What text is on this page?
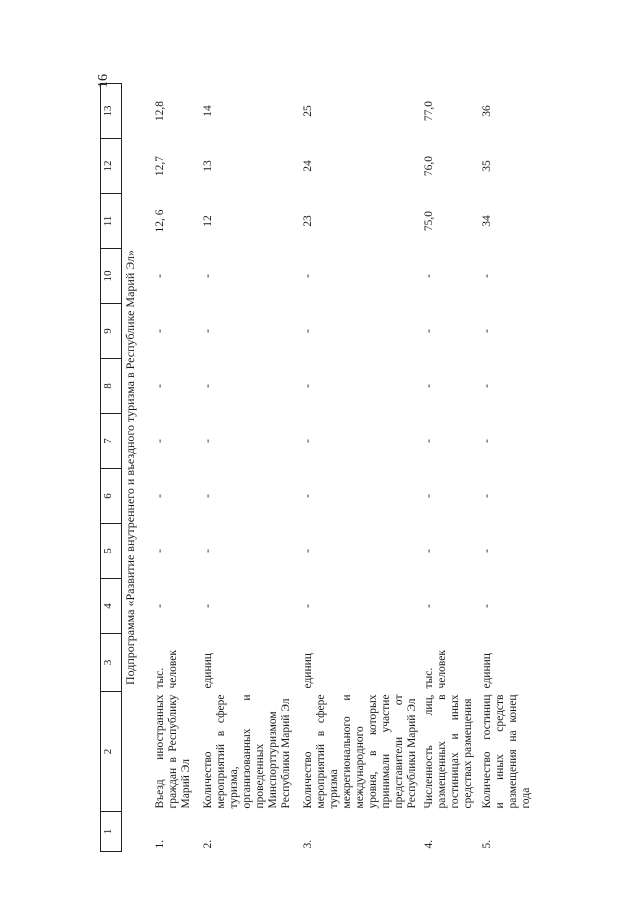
16
1	2	3	4	5	6	7	8	9	10	11	12	13
Подпрограмма «Развитие внутреннего и въездного туризма в Республике Марий Эл»												
1.	Въезд иностранных граждан в Республику Марий Эл	тыс. человек	-	-	-	-	-	-	-	12, 6	12,7	12,8
2.	Количество мероприятий в сфере туризма, организованных и проведенных Минспорттуризмом Республики Марий Эл	единиц	-	-	-	-	-	-	-	12	13	14
3.	Количество мероприятий в сфере туризма межрегионального и международного уровня, в которых принимали участие представители от Республики Марий Эл	единиц	-	-	-	-	-	-	-	23	24	25
4.	Численность лиц, размещенных в гостиницах и иных средствах размещения	тыс. человек	-	-	-	-	-	-	-	75,0	76,0	77,0
5.	Количество гостиниц и иных средств размещения на конец года	единиц	-	-	-	-	-	-	-	34	35	36
